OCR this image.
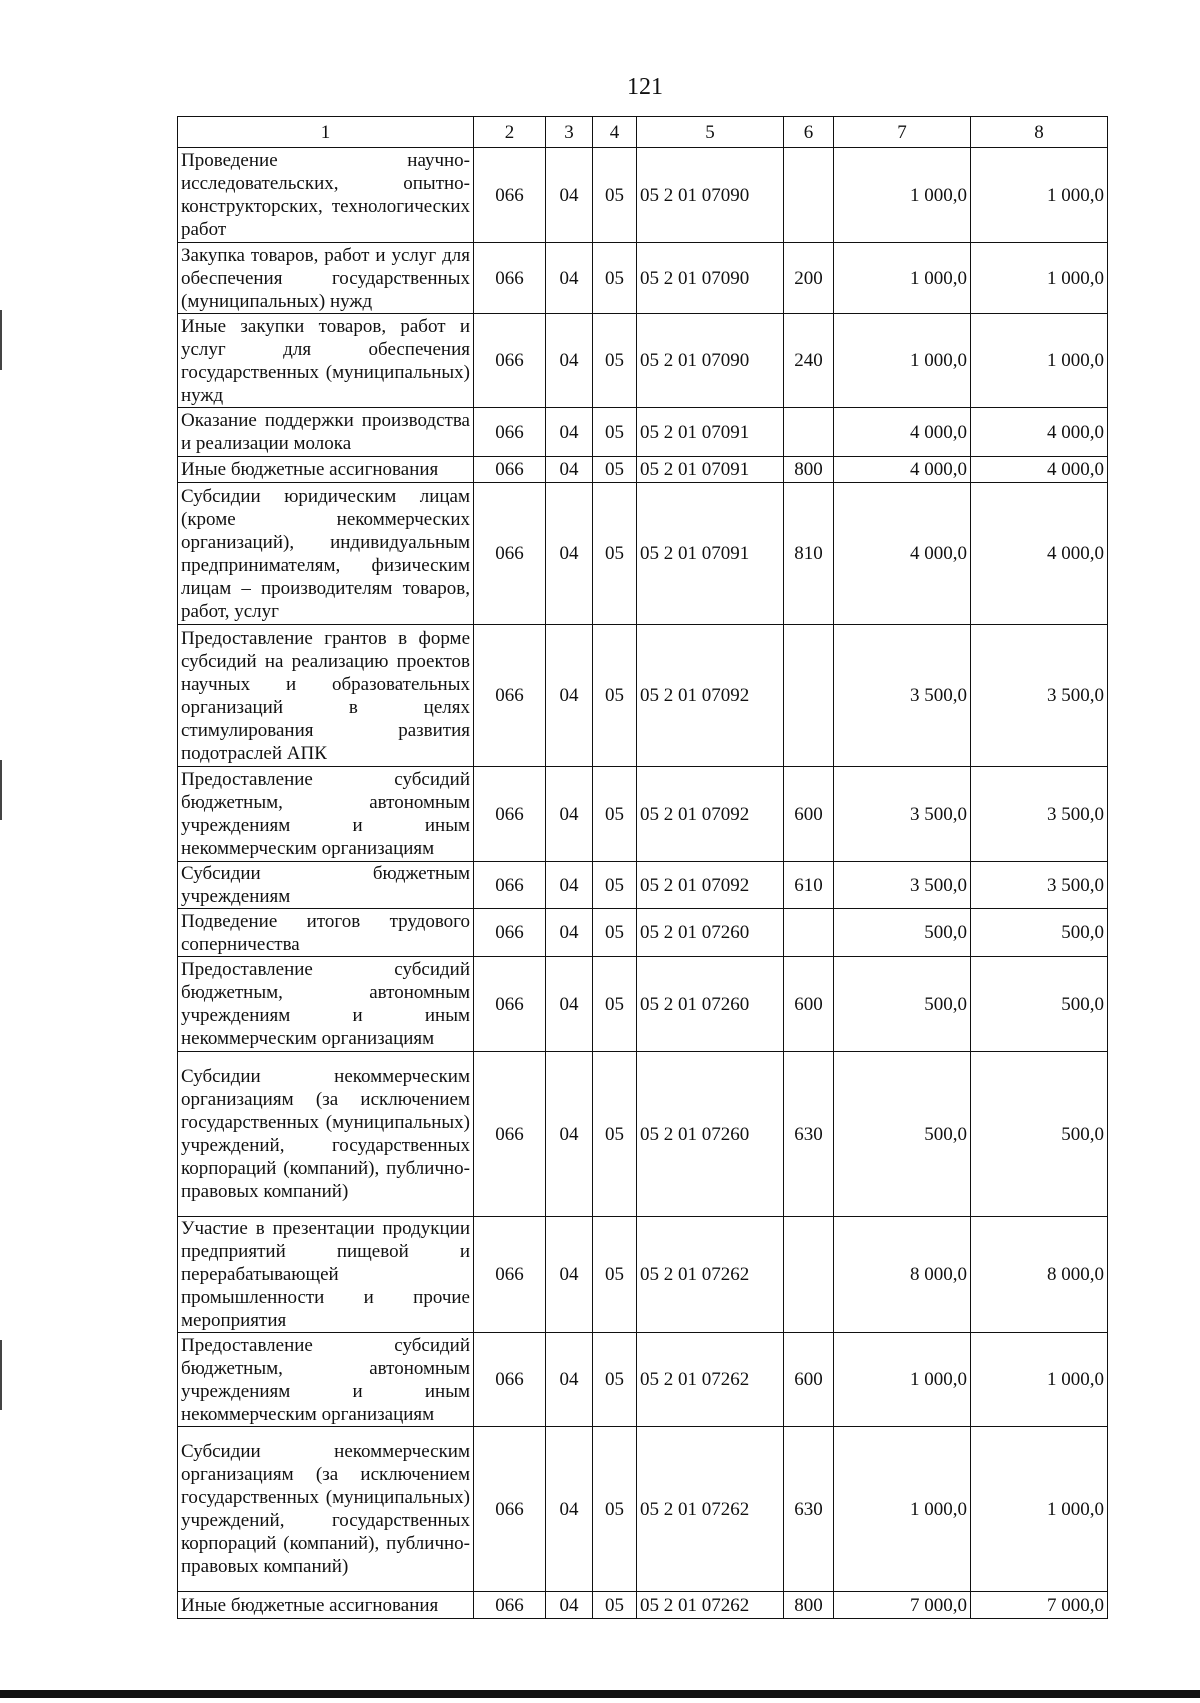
121
1	2	3	4	5	6	7	8
Проведение научно-исследовательских, опытно-конструкторских, технологических работ	066	04	05	05 2 01 07090		1 000,0	1 000,0
Закупка товаров, работ и услуг для обеспечения государственных (муниципальных) нужд	066	04	05	05 2 01 07090	200	1 000,0	1 000,0
Иные закупки товаров, работ и услуг для обеспечения государственных (муниципальных) нужд	066	04	05	05 2 01 07090	240	1 000,0	1 000,0
Оказание поддержки производства и реализации молока	066	04	05	05 2 01 07091		4 000,0	4 000,0
Иные бюджетные ассигнования	066	04	05	05 2 01 07091	800	4 000,0	4 000,0
Субсидии юридическим лицам (кроме некоммерческих организаций), индивидуальным предпринимателям, физическим лицам – производителям товаров, работ, услуг	066	04	05	05 2 01 07091	810	4 000,0	4 000,0
Предоставление грантов в форме субсидий на реализацию проектов научных и образовательных организаций в целях стимулирования развития подотраслей АПК	066	04	05	05 2 01 07092		3 500,0	3 500,0
Предоставление субсидий бюджетным, автономным учреждениям и иным некоммерческим организациям	066	04	05	05 2 01 07092	600	3 500,0	3 500,0
Субсидии бюджетным учреждениям	066	04	05	05 2 01 07092	610	3 500,0	3 500,0
Подведение итогов трудового соперничества	066	04	05	05 2 01 07260		500,0	500,0
Предоставление субсидий бюджетным, автономным учреждениям и иным некоммерческим организациям	066	04	05	05 2 01 07260	600	500,0	500,0
Субсидии некоммерческим организациям (за исключением государственных (муниципальных) учреждений, государственных корпораций (компаний), публично-правовых компаний)	066	04	05	05 2 01 07260	630	500,0	500,0
Участие в презентации продукции предприятий пищевой и перерабатывающей промышленности и прочие мероприятия	066	04	05	05 2 01 07262		8 000,0	8 000,0
Предоставление субсидий бюджетным, автономным учреждениям и иным некоммерческим организациям	066	04	05	05 2 01 07262	600	1 000,0	1 000,0
Субсидии некоммерческим организациям (за исключением государственных (муниципальных) учреждений, государственных корпораций (компаний), публично-правовых компаний)	066	04	05	05 2 01 07262	630	1 000,0	1 000,0
Иные бюджетные ассигнования	066	04	05	05 2 01 07262	800	7 000,0	7 000,0
